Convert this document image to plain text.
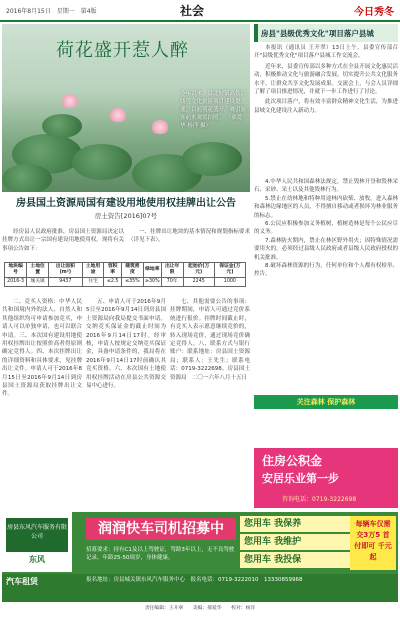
2016年8月15日　星期一　第4版	社会	今日秀冬
荷花盛开惹人醉
今年以来，县北坡镇高铁沿线莲文化旅游项目建设提速，目前荷花盛开，吸引游客前来观赏拍照。 （郝爱华 杨洋 摄）
房县"县级优秀文化"项目落户县城

本报讯（通讯员 王开翠）13日上午，县委宣传部召开"县级优秀文化"项目落户县城工作交流会。

近年来，县委宣传部以多种方式在全县开展文化惠民活动，积极推动文化与旅游融合发展，切实提升公共文化服务水平，让群众共享文化发展成果。交流会上，与会人员详细了解了项目推进情况，并就下一步工作进行了讨论。

此次项目落户，将有效丰富群众精神文化生活，为推进县域文化建设注入新动力。

房县国土资源局国有建设用地使用权挂牌出让公告
房土资告[2016]07号

经房县人民政府批准，房县国土资源局决定以挂牌方式出让一宗国有建设用地使用权。现将有关事项公告如下：

一、挂牌出让地块的基本情况和规划指标要求（详见下表）。

地块编号	土地位置	出让面积(m²)	土地用途	容积率	建筑密度	绿地率	出让年限	起始价(万元)	保证金(万元)
2016-3	城关镇	9437	住宅	≤2.5	≤35%	≥30%	70年	2245	1000

二、竞买人资格：中华人民共和国境内外的法人、自然人和其他组织均可申请参加竞买，申请人可以单独申请，也可以联合申请。三、本次国有建设用地使用权挂牌出让按照价高者得原则确定竞得人。四、本次挂牌出让的详细资料和具体要求，见挂牌出让文件。申请人可于2016年8月15日至2016年9月14日到房县国土资源局获取挂牌出让文件。

五、申请人可于2016年9月5日至2016年9月14日到房县国土资源局向我局提交书面申请。交纳竞买保证金的截止时间为2016年9月14日17时。经审核，申请人按规定交纳竞买保证金，具备申请条件的，我局将在2016年9月14日17时前确认其竞买资格。六、本次国有土地使用权挂牌活动在房县公共资源交易中心进行。

七、其他需要公告的事项：挂牌期间，申请人可通过竞价系统进行报价。挂牌时间截止时，有竞买人表示愿意继续竞价的，转入现场竞价，通过现场竞价确定竞得人。八、联系方式与银行账户：联系地址：房县国土资源局；联系人：王先生；联系电话：0719-3222698。房县国土资源局　二〇一六年八月十五日

4.中华人民共和国森林法规定，禁止毁林开垦和毁林采石、采砂、采土以及其他毁林行为。

5.禁止在幼林地和特种用途林内砍柴、放牧。进入森林和森林边缘地区的人员，不得擅自移动或者损坏为林业服务的标志。

6.公民应积极参加义务植树，植树造林是每个公民应尽的义务。

7.森林防火期内，禁止在林区野外用火；因特殊情况需要用火的，必须经过县级人民政府或者县级人民政府授权的机关批准。

8.破坏森林资源的行为，任何单位和个人都有权检举、控告。

关注森林 保护森林
住房公积金
安居乐业第一步
咨询电话：0719-3222698
房县东风汽车服务有限公司
东风
润润快车司机招募中	您用车 我保养
您用车 我维护
您用车 我投保
每辆车仅需交3万5 首付即可 千元起
招募要求：持有C1及以上驾驶证，驾龄3年以上，无不良驾驶记录，年龄25-50周岁，身体健康。
报名地址：房县城关镇东风汽车服务中心　报名电话：0719-3222010　13330859968
汽车租赁
责任编辑：王开翠　　美编：郝爱华　　校对：杨洋
